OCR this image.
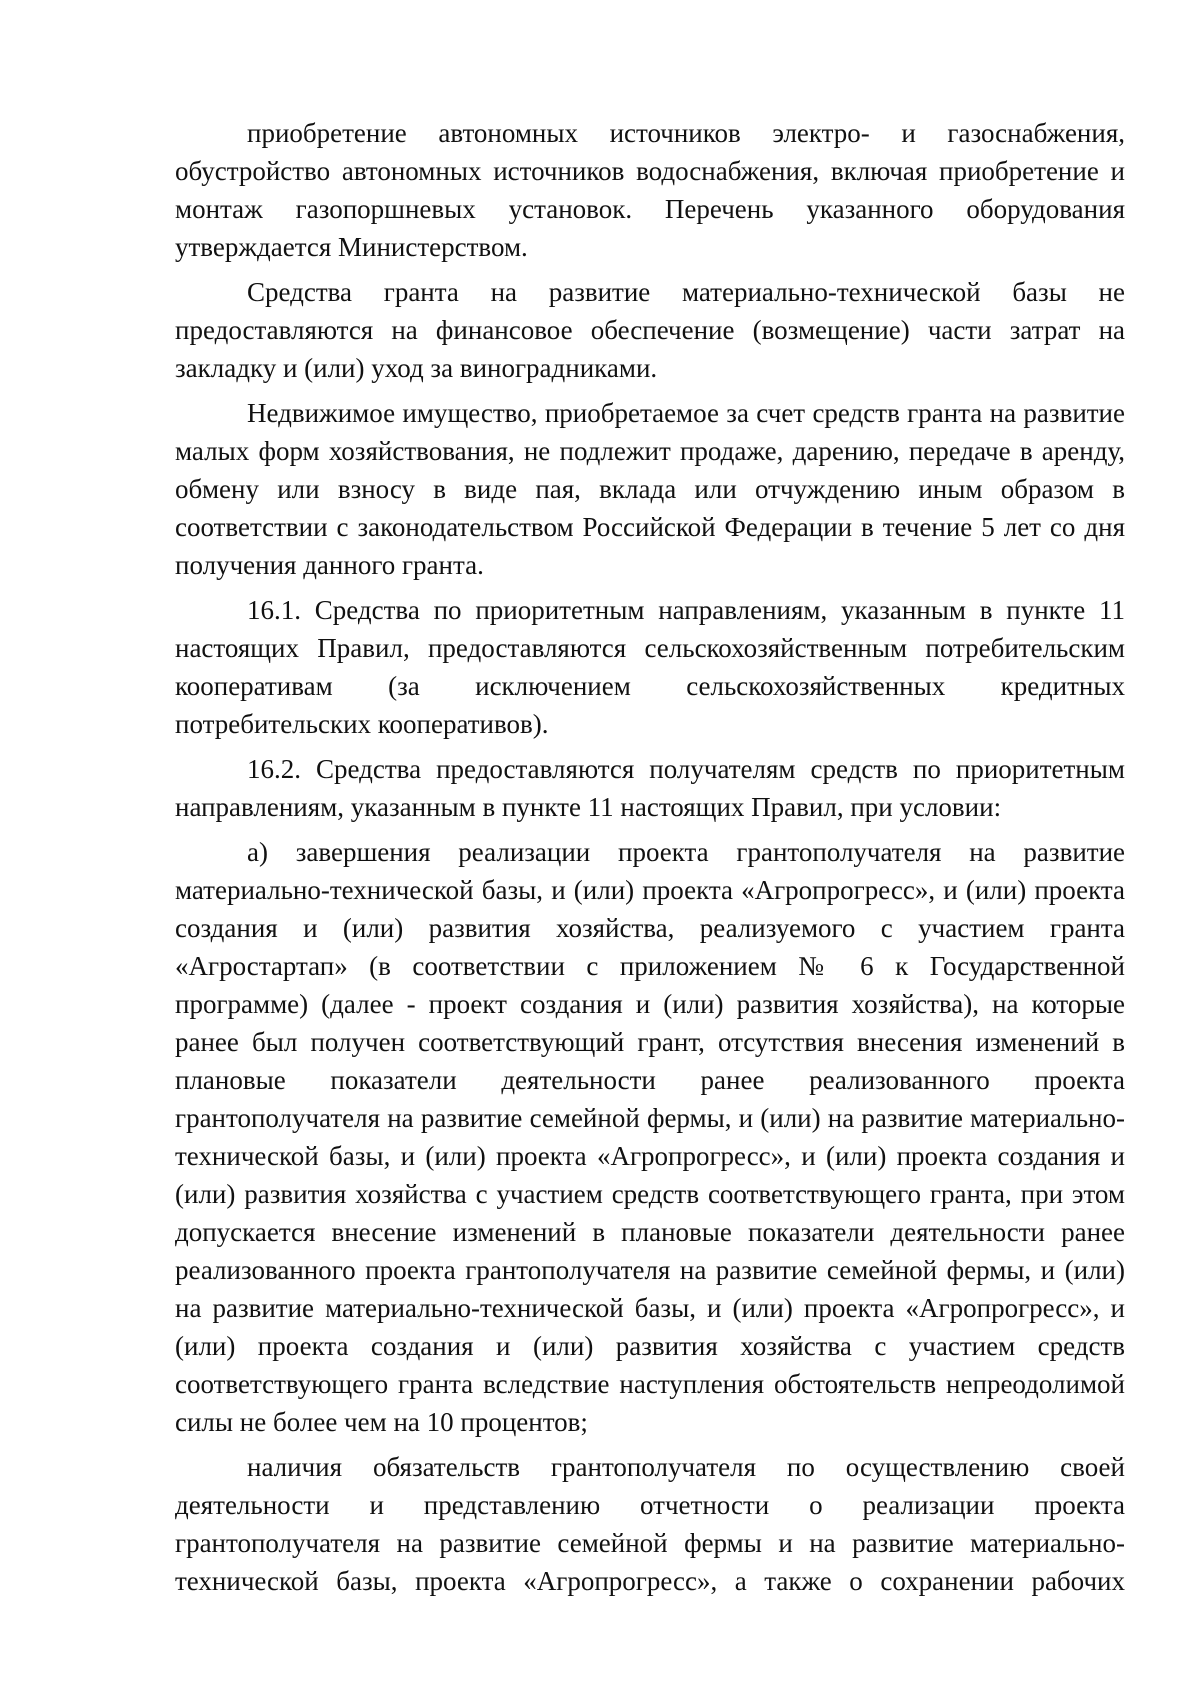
приобретение автономных источников электро- и газоснабжения, обустройство автономных источников водоснабжения, включая приобретение и монтаж газопоршневых установок. Перечень указанного оборудования утверждается Министерством.

Средства гранта на развитие материально-технической базы не предоставляются на финансовое обеспечение (возмещение) части затрат на закладку и (или) уход за виноградниками.

Недвижимое имущество, приобретаемое за счет средств гранта на развитие малых форм хозяйствования, не подлежит продаже, дарению, передаче в аренду, обмену или взносу в виде пая, вклада или отчуждению иным образом в соответствии с законодательством Российской Федерации в течение 5 лет со дня получения данного гранта.

16.1. Средства по приоритетным направлениям, указанным в пункте 11 настоящих Правил, предоставляются сельскохозяйственным потребительским кооперативам (за исключением сельскохозяйственных кредитных потребительских кооперативов).

16.2. Средства предоставляются получателям средств по приоритетным направлениям, указанным в пункте 11 настоящих Правил, при условии:

а) завершения реализации проекта грантополучателя на развитие материально-технической базы, и (или) проекта «Агропрогресс», и (или) проекта создания и (или) развития хозяйства, реализуемого с участием гранта «Агростартап» (в соответствии с приложением № 6 к Государственной программе) (далее - проект создания и (или) развития хозяйства), на которые ранее был получен соответствующий грант, отсутствия внесения изменений в плановые показатели деятельности ранее реализованного проекта грантополучателя на развитие семейной фермы, и (или) на развитие материально-технической базы, и (или) проекта «Агропрогресс», и (или) проекта создания и (или) развития хозяйства с участием средств соответствующего гранта, при этом допускается внесение изменений в плановые показатели деятельности ранее реализованного проекта грантополучателя на развитие семейной фермы, и (или) на развитие материально-технической базы, и (или) проекта «Агропрогресс», и (или) проекта создания и (или) развития хозяйства с участием средств соответствующего гранта вследствие наступления обстоятельств непреодолимой силы не более чем на 10 процентов;

наличия обязательств грантополучателя по осуществлению своей деятельности и представлению отчетности о реализации проекта грантополучателя на развитие семейной фермы и на развитие материально-технической базы, проекта «Агропрогресс», а также о сохранении рабочих
